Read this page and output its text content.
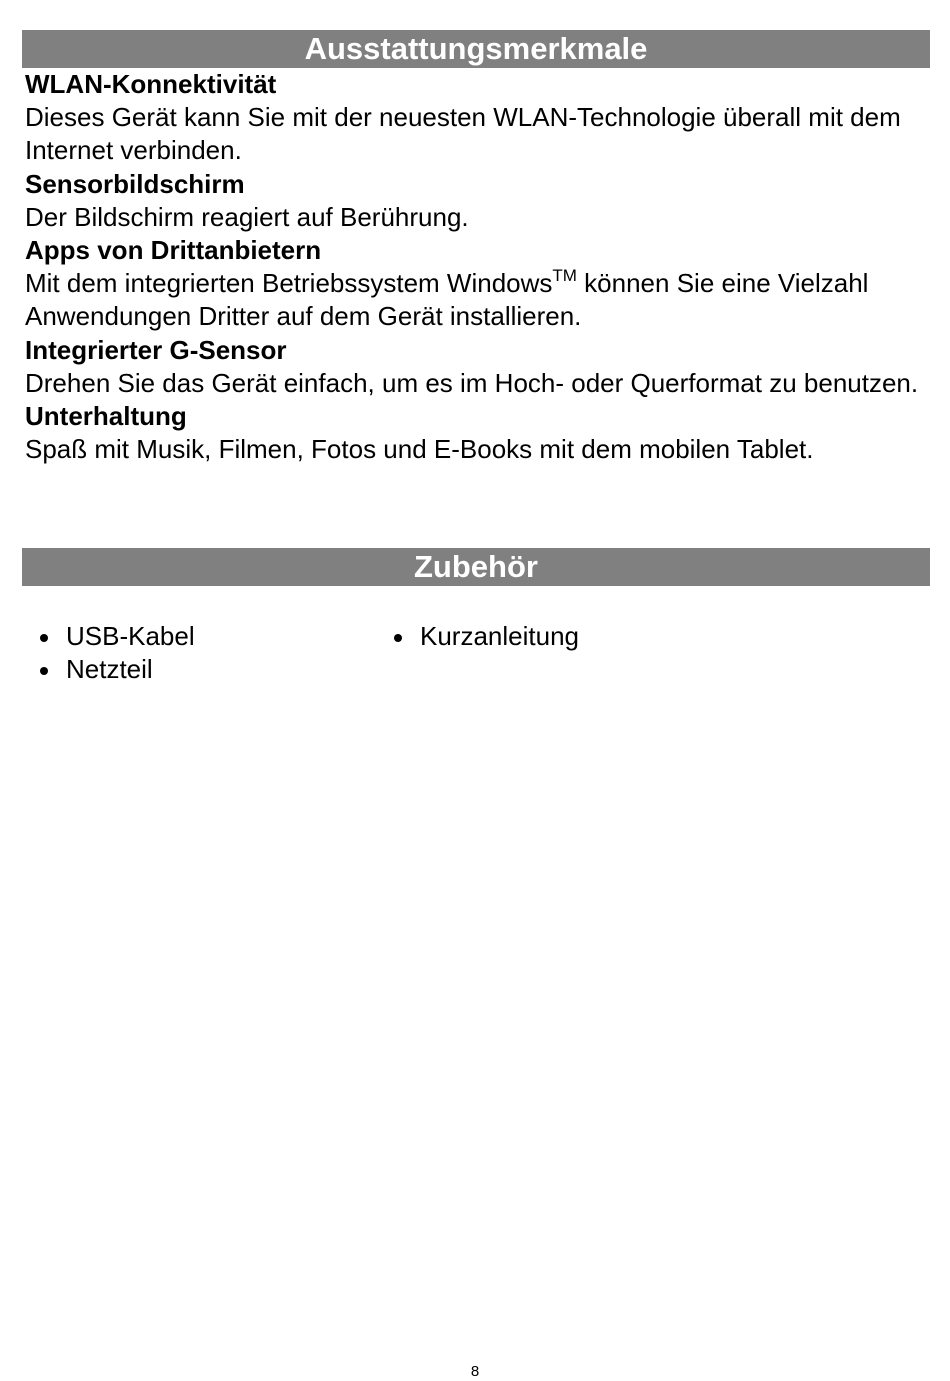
Ausstattungsmerkmale

WLAN-Konnektivität

Dieses Gerät kann Sie mit der neuesten WLAN-Technologie überall mit dem Internet verbinden.

Sensorbildschirm

Der Bildschirm reagiert auf Berührung.

Apps von Drittanbietern

Mit dem integrierten Betriebssystem Windows™ können Sie eine Vielzahl Anwendungen Dritter auf dem Gerät installieren.

Integrierter G-Sensor

Drehen Sie das Gerät einfach, um es im Hoch- oder Querformat zu benutzen.

Unterhaltung

Spaß mit Musik, Filmen, Fotos und E-Books mit dem mobilen Tablet.

Zubehör
USB-Kabel
Netzteil
Kurzanleitung
8
